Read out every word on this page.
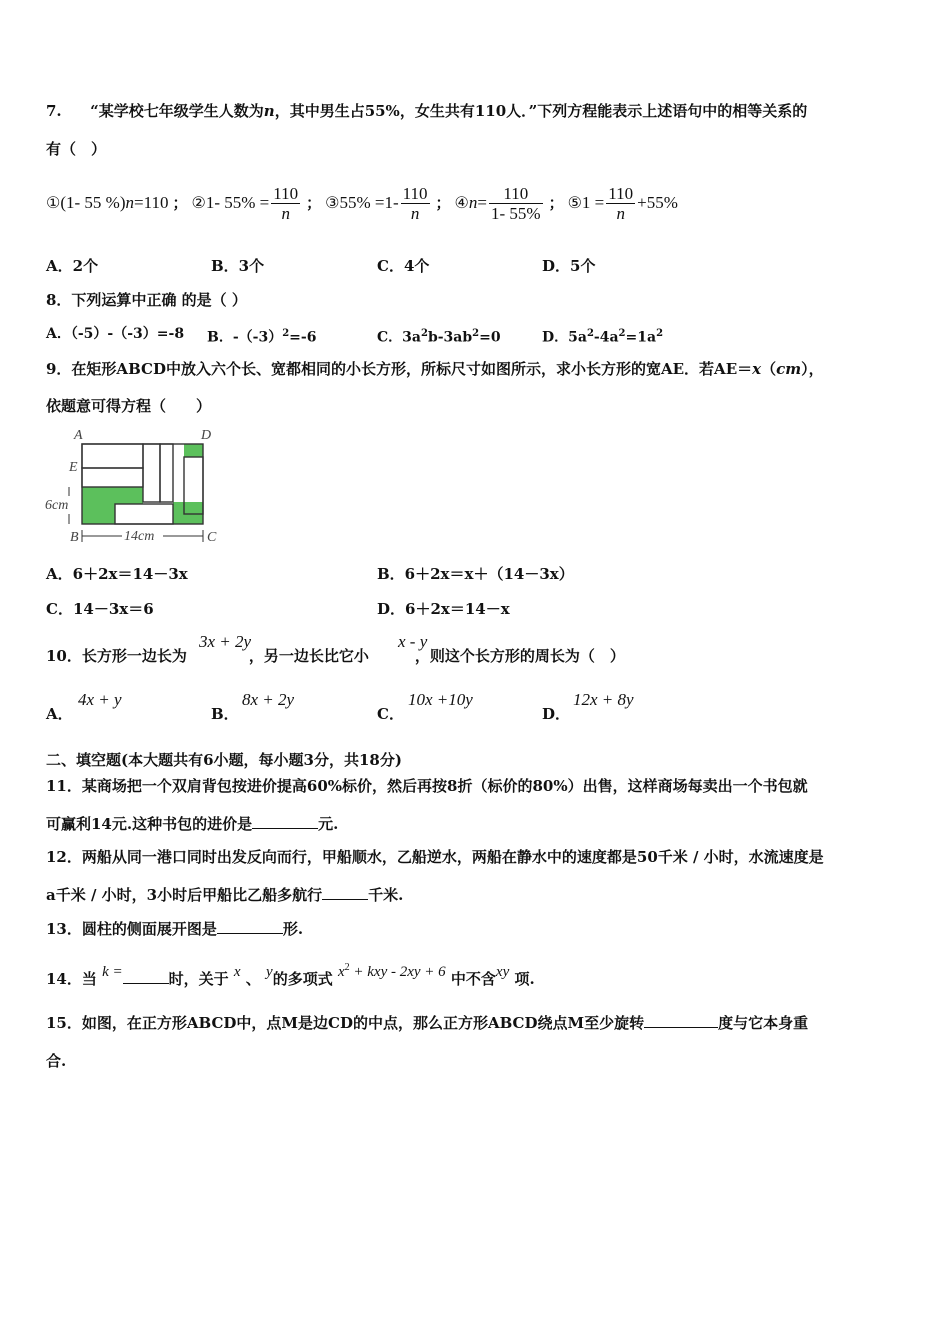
7. “某学校七年级学生人数为n，其中男生占55%，女生共有110人．”下列方程能表示上述语句中的相等关系的
有（　）
① (1- 55 %) n =110 ； ② 1- $55\% = \frac{110}{n}$ ； ③ $55\% =1- \frac{110}{n}$ ； ④ $n = \frac{110}{1- 55\%}$ ； ⑤ $1 = \frac{110}{n} +55\%$
A．2个	B．3个	C．4个	D．5个
8．下列运算中正确 的是（ ）
A．（-5）-（-3）=-8 B．$-(-3)^2=-6$	C．$3a^2b-3ab^2=0$	D．$5a^2-4a^2=1a^2$
9．在矩形ABCD中放入六个长、宽都相同的小长方形，所标尺寸如图所示，求小长方形的宽AE．若AE＝x（cm），
依题意可得方程（　　）
A	D
E
B	C
6cm
14cm
A．6＋2x＝14－3x	B．6＋2x＝x＋（14－3x）
C．14－3x＝6	D．6＋2x＝14－x
10．长方形一边长为	，另一边长比它小	，则这个长方形的周长为（　）
3x + 2y	x - y
A．
4x + y
B．
8x + 2y
C．
10x +10y
D．
12x + 8y
二、填空题(本大题共有6小题，每小题3分，共18分)
11．某商场把一个双肩背包按进价提高60%标价，然后再按8折（标价的80%）出售，这样商场每卖出一个书包就
可赢利14元.这种书包的进价是	元.
12．两船从同一港口同时出发反向而行，甲船顺水，乙船逆水，两船在静水中的速度都是50千米 / 小时，水流速度是
a千米 / 小时，3小时后甲船比乙船多航行	千米.
13．圆柱的侧面展开图是	形.
14．当 k =	时，关于 x 、 y的多项式 $x^2$ + kxy - 2xy + 6 中不含xy 项.
15．如图，在正方形ABCD中，点M是边CD的中点，那么正方形ABCD绕点M至少旋转	度与它本身重
合.
